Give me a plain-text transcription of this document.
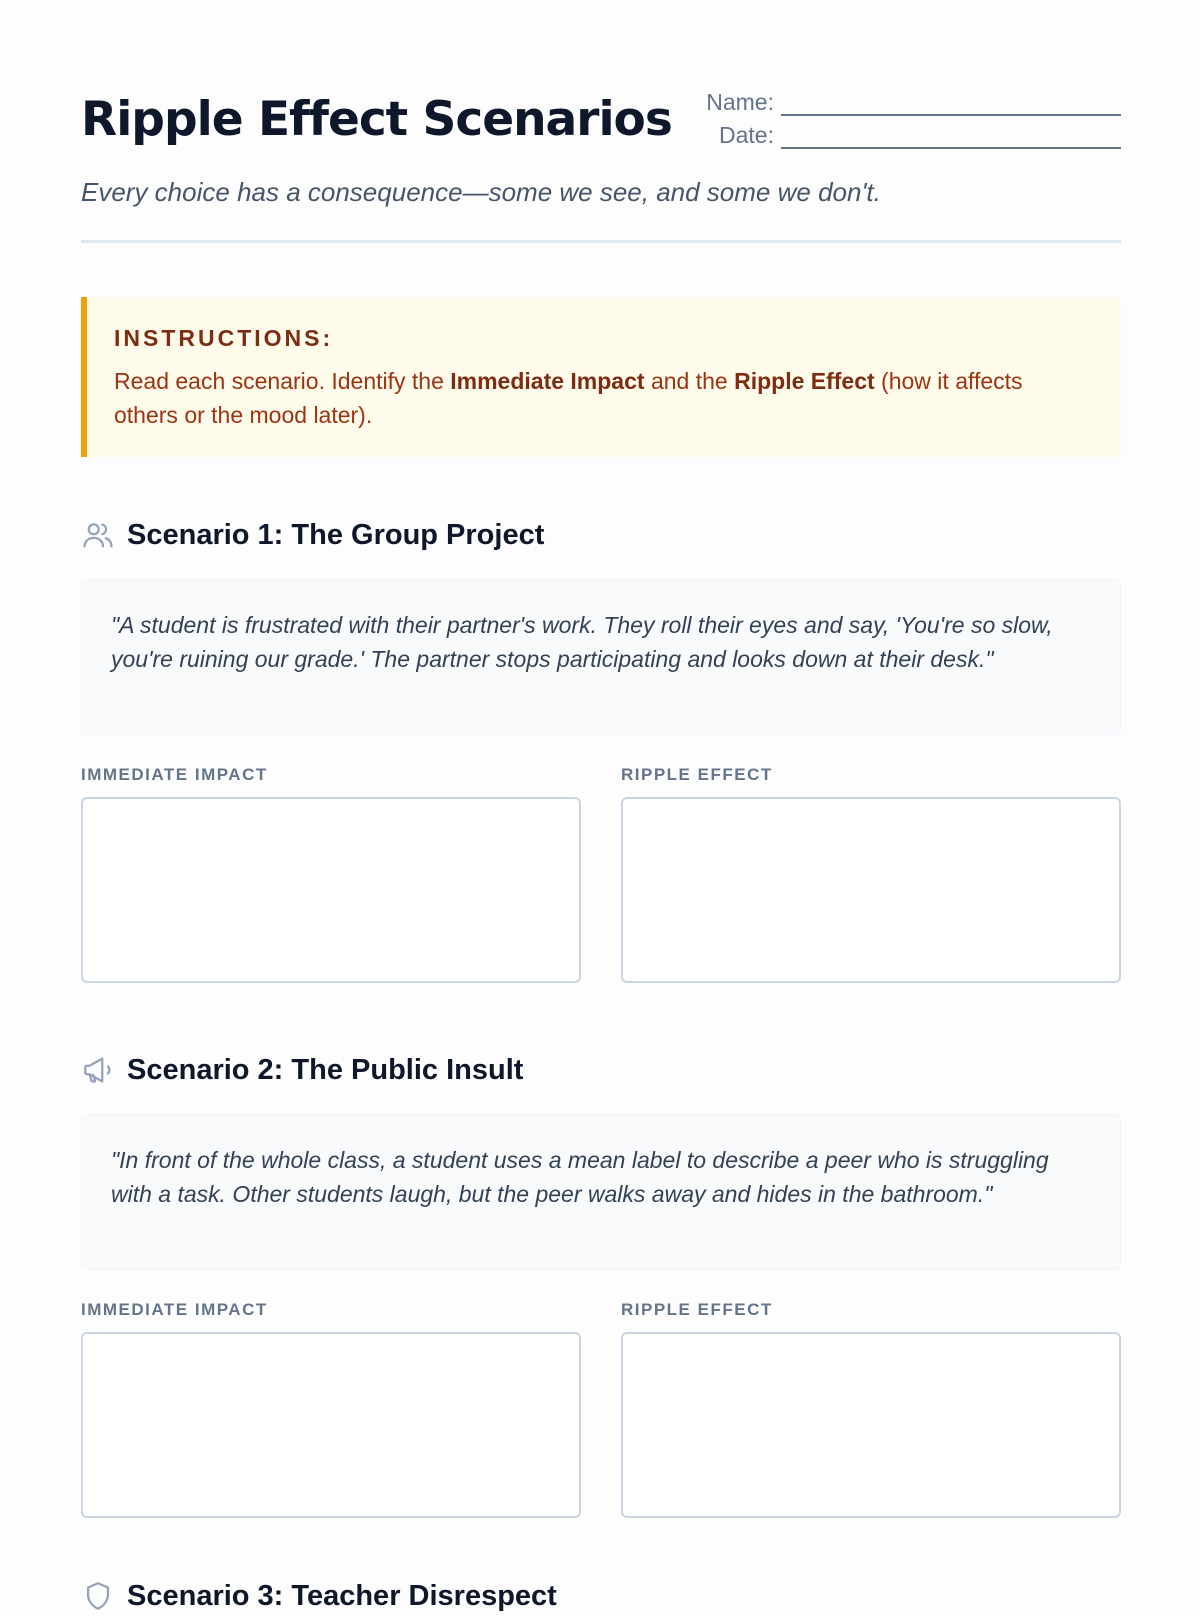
Ripple Effect Scenarios Name:
Date:

Every choice has a consequence—some we see, and some we don't.

INSTRUCTIONS:

Read each scenario. Identify the Immediate Impact and the Ripple Effect (how it affects others or the mood later).

Scenario 1: The Group Project
"A student is frustrated with their partner's work. They roll their eyes and say, 'You're so slow, you're ruining our grade.' The partner stops participating and looks down at their desk."
IMMEDIATE IMPACT	RIPPLE EFFECT
Scenario 2: The Public Insult
"In front of the whole class, a student uses a mean label to describe a peer who is struggling with a task. Other students laugh, but the peer walks away and hides in the bathroom."
IMMEDIATE IMPACT	RIPPLE EFFECT
Scenario 3: Teacher Disrespect
